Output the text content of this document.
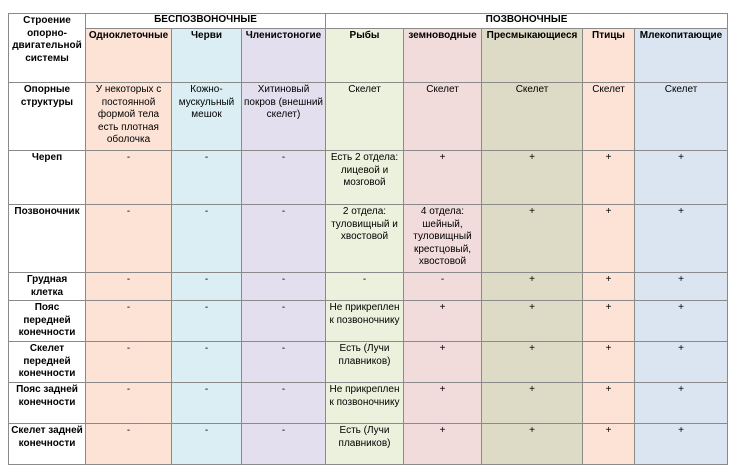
Строение опорно-двигательной системы	БЕСПОЗВОНОЧНЫЕ			ПОЗВОНОЧНЫЕ				
	Одноклеточные	Черви	Членистоногие	Рыбы	земноводные	Пресмыкающиеся	Птицы	Млекопитающие
Опорные структуры	У некоторых с постоянной формой тела есть плотная оболочка	Кожно-мускульный мешок	Хитиновый покров (внешний скелет)	Скелет	Скелет	Скелет	Скелет	Скелет
Череп	-	-	-	Есть 2 отдела: лицевой и мозговой	+	+	+	+
Позвоночник	-	-	-	2 отдела: туловищный и хвостовой	4 отдела: шейный, туловищный крестцовый, хвостовой	+	+	+
Грудная клетка	-	-	-	-	-	+	+	+
Пояс передней конечности	-	-	-	Не прикреплен к позвоночнику	+	+	+	+
Скелет передней конечности	-	-	-	Есть (Лучи плавников)	+	+	+	+
Пояс задней конечности	-	-	-	Не прикреплен к позвоночнику	+	+	+	+
Скелет задней конечности	-	-	-	Есть (Лучи плавников)	+	+	+	+
